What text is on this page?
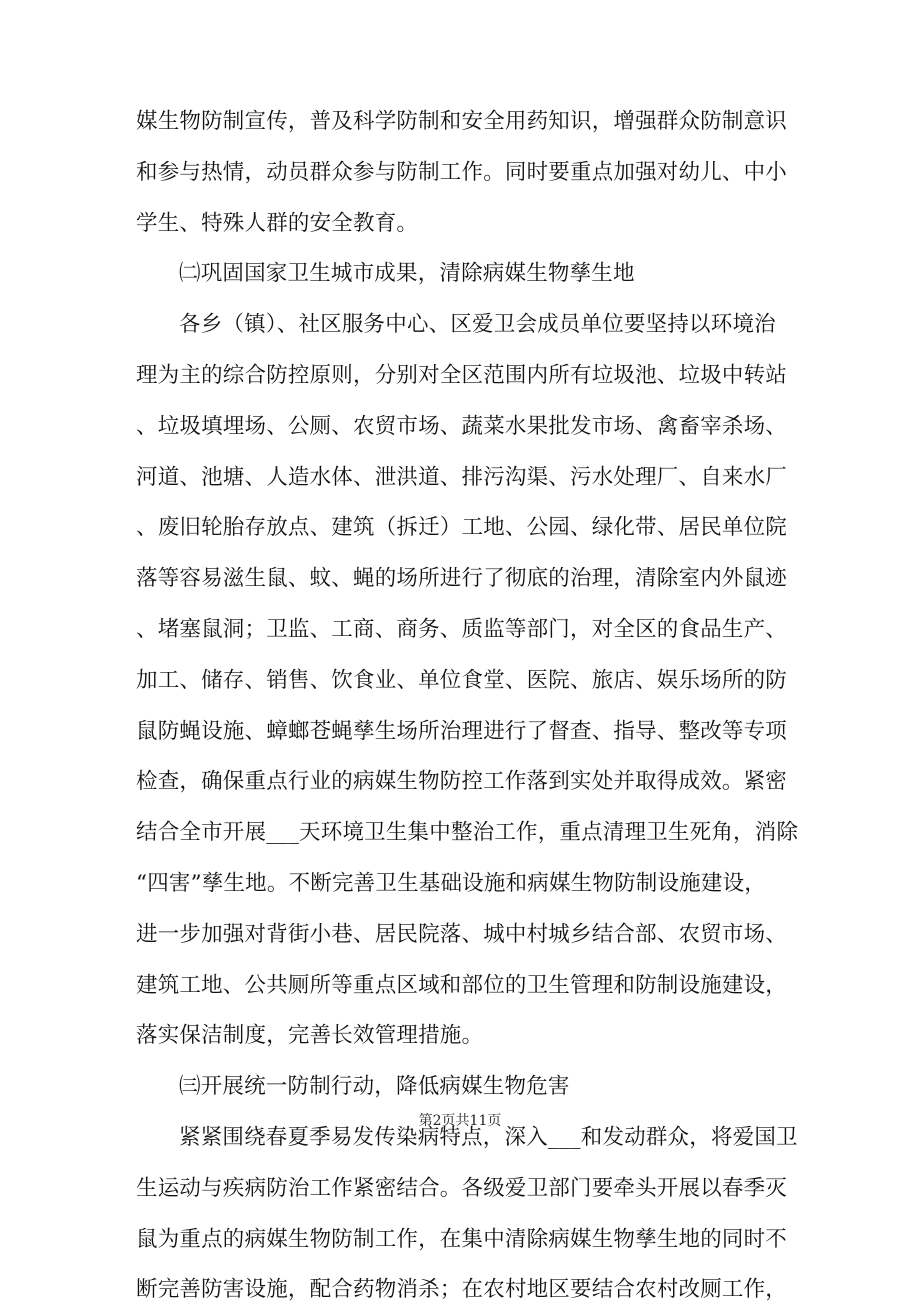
媒生物防制宣传，普及科学防制和安全用药知识，增强群众防制意识
和参与热情，动员群众参与防制工作。同时要重点加强对幼儿、中小
学生、特殊人群的安全教育。
㈡巩固国家卫生城市成果，清除病媒生物孳生地
各乡（镇）、社区服务中心、区爱卫会成员单位要坚持以环境治
理为主的综合防控原则，分别对全区范围内所有垃圾池、垃圾中转站
、垃圾填埋场、公厕、农贸市场、蔬菜水果批发市场、禽畜宰杀场、
河道、池塘、人造水体、泄洪道、排污沟渠、污水处理厂、自来水厂
、废旧轮胎存放点、建筑（拆迁）工地、公园、绿化带、居民单位院
落等容易滋生鼠、蚊、蝇的场所进行了彻底的治理，清除室内外鼠迹
、堵塞鼠洞；卫监、工商、商务、质监等部门，对全区的食品生产、
加工、储存、销售、饮食业、单位食堂、医院、旅店、娱乐场所的防
鼠防蝇设施、蟑螂苍蝇孳生场所治理进行了督查、指导、整改等专项
检查，确保重点行业的病媒生物防控工作落到实处并取得成效。紧密
结合全市开展___天环境卫生集中整治工作，重点清理卫生死角，消除
“四害”孳生地。不断完善卫生基础设施和病媒生物防制设施建设，
进一步加强对背街小巷、居民院落、城中村城乡结合部、农贸市场、
建筑工地、公共厕所等重点区域和部位的卫生管理和防制设施建设，
落实保洁制度，完善长效管理措施。
㈢开展统一防制行动，降低病媒生物危害
紧紧围绕春夏季易发传染病特点，深入___和发动群众，将爱国卫
生运动与疾病防治工作紧密结合。各级爱卫部门要牵头开展以春季灭
鼠为重点的病媒生物防制工作，在集中清除病媒生物孳生地的同时不
断完善防害设施，配合药物消杀；在农村地区要结合农村改厕工作，
第2页共11页
